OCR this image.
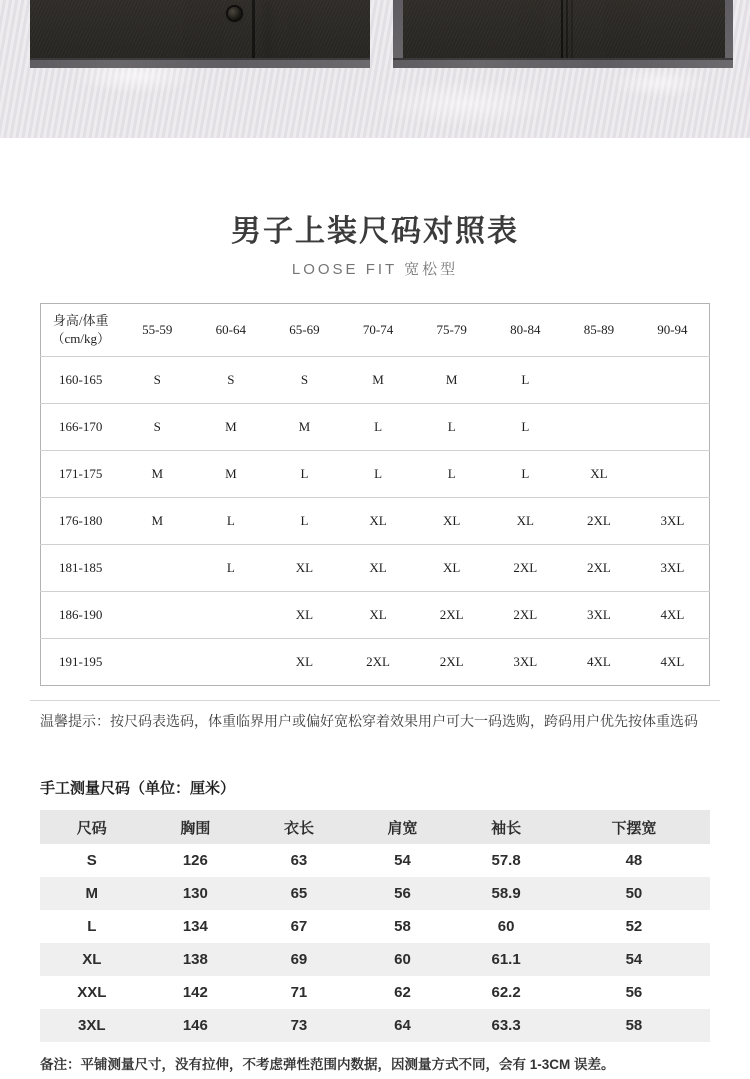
男子上装尺码对照表
LOOSE FIT 宽松型
身高/体重
（cm/kg）	55-59	60-64	65-69	70-74	75-79	80-84	85-89	90-94
160-165	S	S	S	M	M	L		
166-170	S	M	M	L	L	L		
171-175	M	M	L	L	L	L	XL	
176-180	M	L	L	XL	XL	XL	2XL	3XL
181-185		L	XL	XL	XL	2XL	2XL	3XL
186-190			XL	XL	2XL	2XL	3XL	4XL
191-195			XL	2XL	2XL	3XL	4XL	4XL

温馨提示：按尺码表选码，体重临界用户或偏好宽松穿着效果用户可大一码选购，跨码用户优先按体重选码

手工测量尺码（单位：厘米）
尺码	胸围	衣长	肩宽	袖长	下摆宽
S	126	63	54	57.8	48
M	130	65	56	58.9	50
L	134	67	58	60	52
XL	138	69	60	61.1	54
XXL	142	71	62	62.2	56
3XL	146	73	64	63.3	58

备注：平铺测量尺寸，没有拉伸，不考虑弹性范围内数据，因测量方式不同，会有 1-3CM 误差。
